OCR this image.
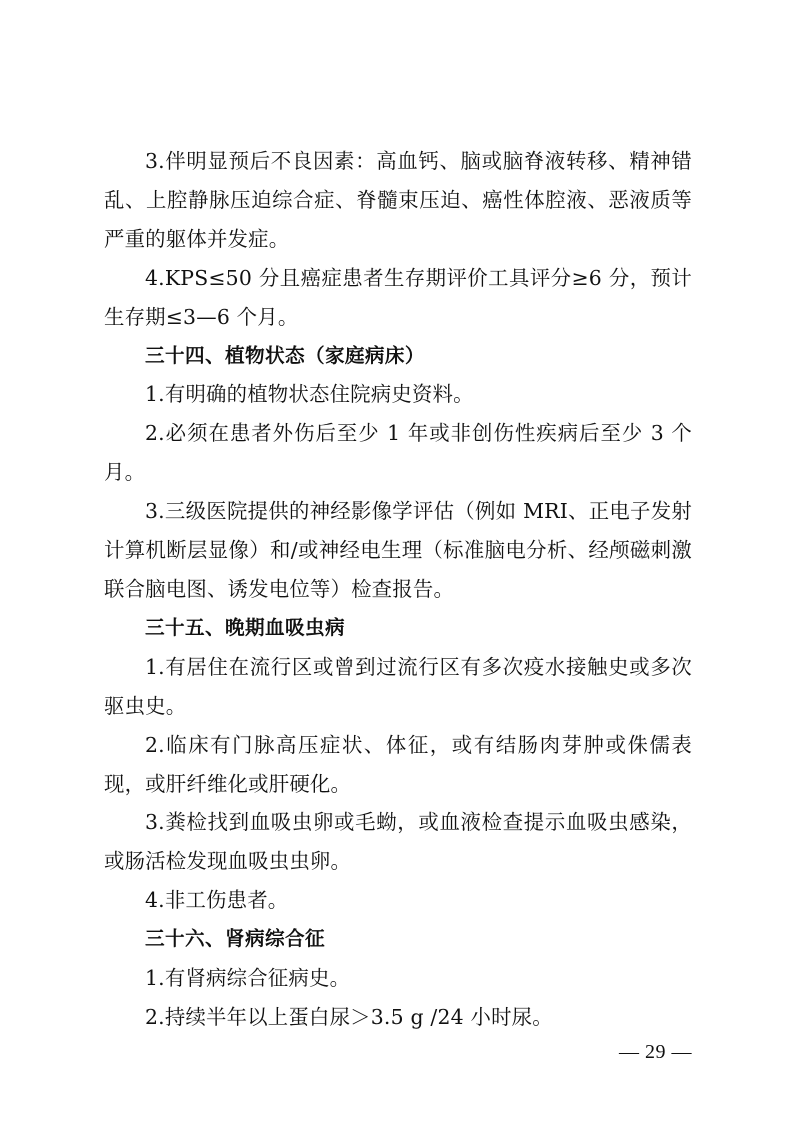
3.伴明显预后不良因素：高血钙、脑或脑脊液转移、精神错乱、上腔静脉压迫综合症、脊髓束压迫、癌性体腔液、恶液质等严重的躯体并发症。

4.KPS≤50 分且癌症患者生存期评价工具评分≥6 分，预计生存期≤3—6 个月。

三十四、植物状态（家庭病床）

1.有明确的植物状态住院病史资料。

2.必须在患者外伤后至少 1 年或非创伤性疾病后至少 3 个月。

3.三级医院提供的神经影像学评估（例如 MRI、正电子发射计算机断层显像）和/或神经电生理（标准脑电分析、经颅磁刺激联合脑电图、诱发电位等）检查报告。

三十五、晚期血吸虫病

1.有居住在流行区或曾到过流行区有多次疫水接触史或多次驱虫史。

2.临床有门脉高压症状、体征，或有结肠肉芽肿或侏儒表现，或肝纤维化或肝硬化。

3.粪检找到血吸虫卵或毛蚴，或血液检查提示血吸虫感染，或肠活检发现血吸虫虫卵。

4.非工伤患者。

三十六、肾病综合征

1.有肾病综合征病史。

2.持续半年以上蛋白尿＞3.5 g /24 小时尿。

— 29 —
